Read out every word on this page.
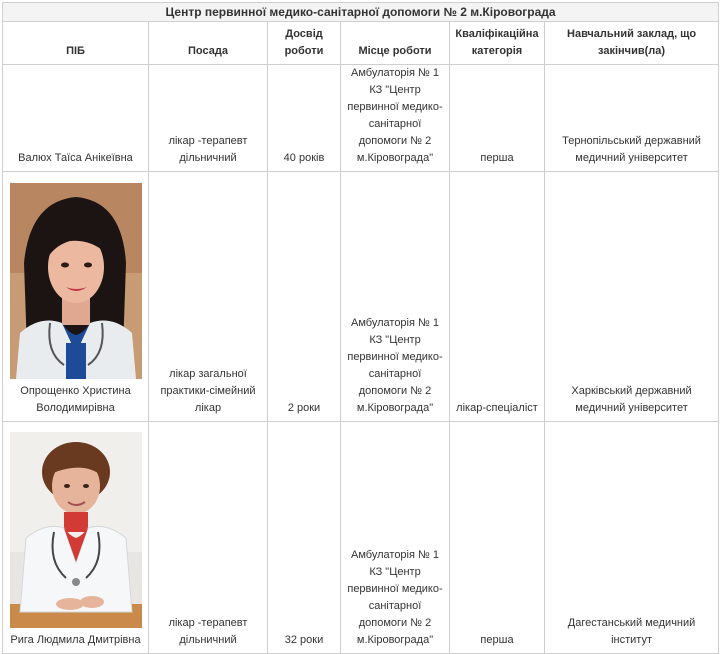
Центр первинної медико-санітарної допомоги № 2 м.Кіровограда					
ПІБ	Посада	Досвід роботи	Місце роботи	Кваліфікаційна категорія	Навчальний заклад, що закінчив(ла)
Валюх Таїса Анікеївна	лікар -терапевт дільничний	40 років	Амбулаторія № 1 КЗ "Центр первинної медико-санітарної допомоги № 2 м.Кіровограда"	перша	Тернопільський державний медичний університет

Опрощенко Христина Володимирівна	лікар загальної практики-сімейний лікар	2 роки	Амбулаторія № 1 КЗ "Центр первинної медико-санітарної допомоги № 2 м.Кіровограда"	лікар-спеціаліст	Харківський державний медичний університет

Рига Людмила Дмитрівна	лікар -терапевт дільничний	32 роки	Амбулаторія № 1 КЗ "Центр первинної медико-санітарної допомоги № 2 м.Кіровограда"	перша	Дагестанський медичний інститут
